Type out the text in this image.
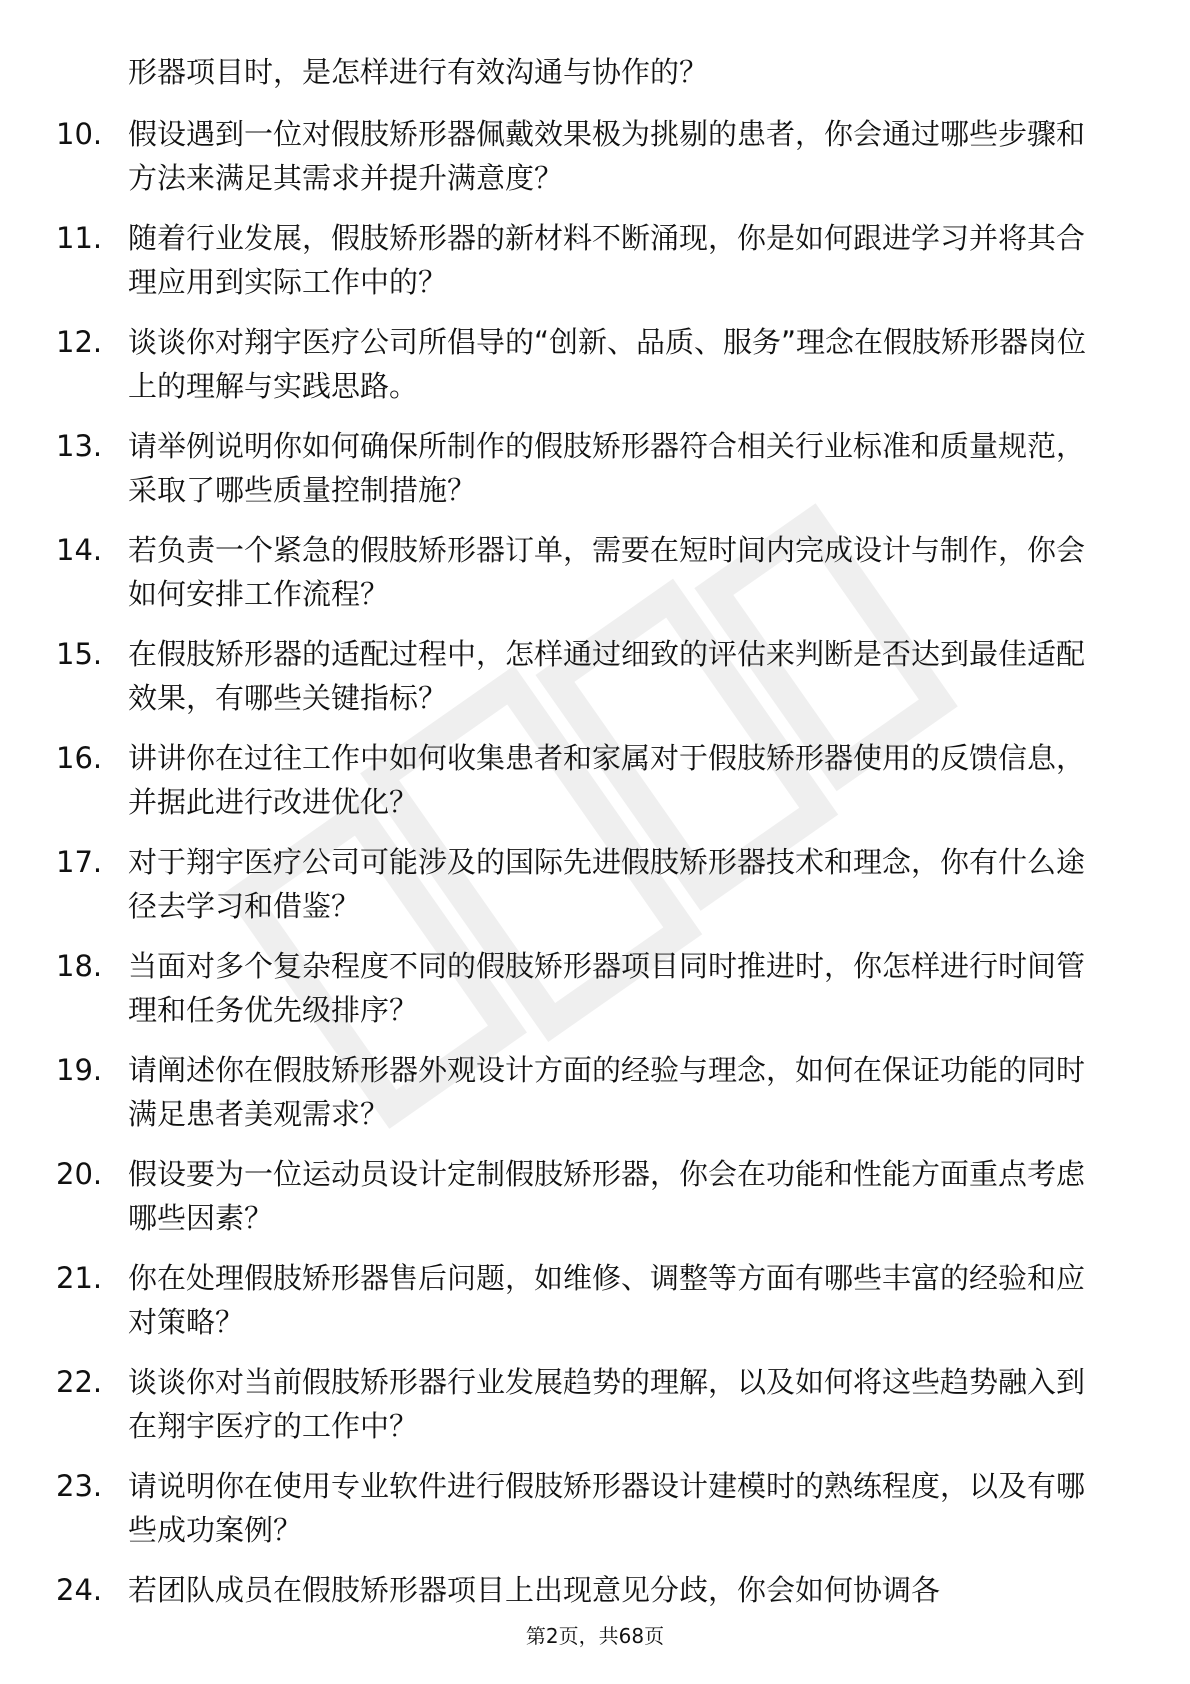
形器项目时，是怎样进行有效沟通与协作的？

10. 假设遇到一位对假肢矫形器佩戴效果极为挑剔的患者，你会通过哪些步骤和方法来满足其需求并提升满意度？
11. 随着行业发展，假肢矫形器的新材料不断涌现，你是如何跟进学习并将其合理应用到实际工作中的？
12. 谈谈你对翔宇医疗公司所倡导的“创新、品质、服务”理念在假肢矫形器岗位上的理解与实践思路。
13. 请举例说明你如何确保所制作的假肢矫形器符合相关行业标准和质量规范，采取了哪些质量控制措施？
14. 若负责一个紧急的假肢矫形器订单，需要在短时间内完成设计与制作，你会如何安排工作流程？
15. 在假肢矫形器的适配过程中，怎样通过细致的评估来判断是否达到最佳适配效果，有哪些关键指标？
16. 讲讲你在过往工作中如何收集患者和家属对于假肢矫形器使用的反馈信息，并据此进行改进优化？
17. 对于翔宇医疗公司可能涉及的国际先进假肢矫形器技术和理念，你有什么途径去学习和借鉴？
18. 当面对多个复杂程度不同的假肢矫形器项目同时推进时，你怎样进行时间管理和任务优先级排序？
19. 请阐述你在假肢矫形器外观设计方面的经验与理念，如何在保证功能的同时满足患者美观需求？
20. 假设要为一位运动员设计定制假肢矫形器，你会在功能和性能方面重点考虑哪些因素？
21. 你在处理假肢矫形器售后问题，如维修、调整等方面有哪些丰富的经验和应对策略？
22. 谈谈你对当前假肢矫形器行业发展趋势的理解，以及如何将这些趋势融入到在翔宇医疗的工作中？
23. 请说明你在使用专业软件进行假肢矫形器设计建模时的熟练程度，以及有哪些成功案例？
24. 若团队成员在假肢矫形器项目上出现意见分歧，你会如何协调各
第2页，共68页
